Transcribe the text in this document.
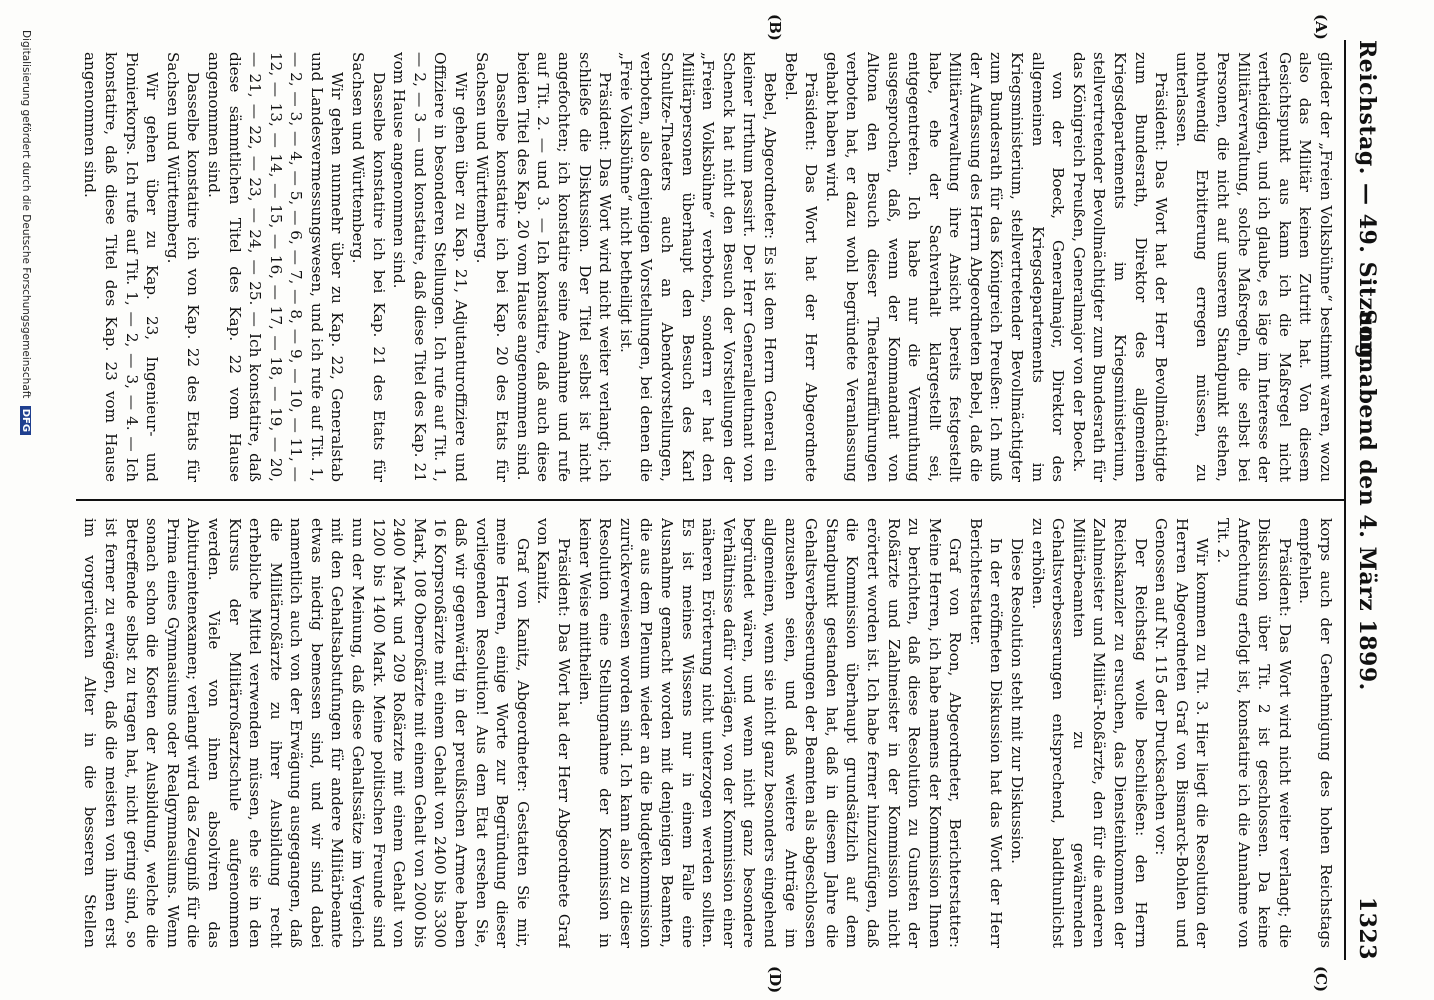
Reichstag. — 49. Sitzung.
Sonnabend den 4. März 1899.
1323
(A)
(B)
(C)
(D)

glieder der „Freien Volksbühne“ bestimmt waren, wozu also das Militär keinen Zutritt hat. Von diesem Gesichtspunkt aus kann ich die Maßregel nicht vertheidigen, und ich glaube, es läge im Interesse der Militärverwaltung, solche Maßregeln, die selbst bei Personen, die nicht auf unserem Standpunkt stehen, nothwendig Erbitterung erregen müssen, zu unterlassen.

Präsident: Das Wort hat der Herr Bevollmächtigte zum Bundesrath, Direktor des allgemeinen Kriegsdepartements im Kriegsministerium, stellvertretender Bevollmächtigter zum Bundesrath für das Königreich Preußen, Generalmajor von der Boeck.

von der Boeck, Generalmajor, Direktor des allgemeinen Kriegsdepartements im Kriegsministerium, stellvertretender Bevollmächtigter zum Bundesrath für das Königreich Preußen: Ich muß der Auffassung des Herrn Abgeordneten Bebel, daß die Militärverwaltung ihre Ansicht bereits festgestellt habe, ehe der Sachverhalt klargestellt sei, entgegentreten. Ich habe nur die Vermuthung ausgesprochen, daß, wenn der Kommandant von Altona den Besuch dieser Theateraufführungen verboten hat, er dazu wohl begründete Veranlassung gehabt haben wird.

Präsident: Das Wort hat der Herr Abgeordnete Bebel.

Bebel, Abgeordneter: Es ist dem Herrn General ein kleiner Irrthum passirt. Der Herr Generalleutnant von Schenck hat nicht den Besuch der Vorstellungen der „Freien Volksbühne“ verboten, sondern er hat den Militärpersonen überhaupt den Besuch des Karl Schultze-Theaters auch an Abendvorstellungen, verboten, also denjenigen Vorstellungen, bei denen die „Freie Volksbühne“ nicht betheiligt ist.

Präsident: Das Wort wird nicht weiter verlangt; ich schließe die Diskussion. Der Titel selbst ist nicht angefochten; ich konstatire seine Annahme und rufe auf Tit. 2. — und 3. — Ich konstatire, daß auch diese beiden Titel des Kap. 20 vom Hause angenommen sind.

Dasselbe konstatire ich bei Kap. 20 des Etats für Sachsen und Württemberg.

Wir gehen über zu Kap. 21, Adjutanturoffiziere und Offiziere in besonderen Stellungen. Ich rufe auf Tit. 1, — 2, — 3 — und konstatire, daß diese Titel des Kap. 21 vom Hause angenommen sind.

Dasselbe konstatire ich bei Kap. 21 des Etats für Sachsen und Württemberg.

Wir gehen nunmehr über zu Kap. 22, Generalstab und Landesvermessungswesen, und ich rufe auf Tit. 1, — 2, — 3, — 4, — 5, — 6, — 7, — 8, — 9, — 10, — 11, — 12, — 13, — 14, — 15, — 16, — 17, — 18, — 19, — 20, — 21, — 22, — 23, — 24, — 25. — Ich konstatire, daß diese sämmtlichen Titel des Kap. 22 vom Hause angenommen sind.

Dasselbe konstatire ich von Kap. 22 des Etats für Sachsen und Württemberg.

Wir gehen über zu Kap. 23, Ingenieur- und Pionierkorps. Ich rufe auf Tit. 1, — 2, — 3, — 4. — Ich konstatire, daß diese Titel des Kap. 23 vom Hause angenommen sind.

korps auch der Genehmigung des hohen Reichstags empfehlen.

Präsident: Das Wort wird nicht weiter verlangt; die Diskussion über Tit. 2 ist geschlossen. Da keine Anfechtung erfolgt ist, konstatire ich die Annahme von Tit. 2.

Wir kommen zu Tit. 3. Hier liegt die Resolution der Herren Abgeordneten Graf von Bismarck-Bohlen und Genossen auf Nr. 115 der Drucksachen vor:

Der Reichstag wolle beschließen: den Herrn Reichskanzler zu ersuchen, das Diensteinkommen der Zahlmeister und Militär-Roßärzte, den für die anderen Militärbeamten zu gewährenden Gehaltsverbesserungen entsprechend, baldthunlichst zu erhöhen.

Diese Resolution steht mit zur Diskussion.

In der eröffneten Diskussion hat das Wort der Herr Berichterstatter.

Graf von Roon, Abgeordneter, Berichterstatter: Meine Herren, ich habe namens der Kommission Ihnen zu berichten, daß diese Resolution zu Gunsten der Roßärzte und Zahlmeister in der Kommission nicht erörtert worden ist. Ich habe ferner hinzuzufügen, daß die Kommission überhaupt grundsätzlich auf dem Standpunkt gestanden hat, daß in diesem Jahre die Gehaltsverbesserungen der Beamten als abgeschlossen anzusehen seien, und daß weitere Anträge im allgemeinen, wenn sie nicht ganz besonders eingehend begründet wären, und wenn nicht ganz besondere Verhältnisse dafür vorlägen, von der Kommission einer näheren Erörterung nicht unterzogen werden sollten. Es ist meines Wissens nur in einem Falle eine Ausnahme gemacht worden mit denjenigen Beamten, die aus dem Plenum wieder an die Budgetkommission zurückverwiesen worden sind. Ich kann also zu dieser Resolution eine Stellungnahme der Kommission in keiner Weise mittheilen.

Präsident: Das Wort hat der Herr Abgeordnete Graf von Kanitz.

Graf von Kanitz, Abgeordneter: Gestatten Sie mir, meine Herren, einige Worte zur Begründung dieser vorliegenden Resolution! Aus dem Etat ersehen Sie, daß wir gegenwärtig in der preußischen Armee haben 16 Korpsroßärzte mit einem Gehalt von 2400 bis 3300 Mark, 108 Oberroßärzte mit einem Gehalt von 2000 bis 2400 Mark und 209 Roßärzte mit einem Gehalt von 1200 bis 1400 Mark. Meine politischen Freunde sind nun der Meinung, daß diese Gehaltssätze im Vergleich mit den Gehaltsabstufungen für andere Militärbeamte etwas niedrig bemessen sind, und wir sind dabei namentlich auch von der Erwägung ausgegangen, daß die Militärroßärzte zu ihrer Ausbildung recht erhebliche Mittel verwenden müssen, ehe sie in den Kursus der Militärroßarztschule aufgenommen werden. Viele von ihnen absolviren das Abiturientenexamen; verlangt wird das Zeugniß für die Prima eines Gymnasiums oder Realgymnasiums. Wenn sonach schon die Kosten der Ausbildung, welche die Betreffende selbst zu tragen hat, nicht gering sind, so ist ferner zu erwägen, daß die meisten von ihnen erst im vorgerückten Alter in die besseren Stellen

Digitalisierung gefördert durch die Deutsche Forschungsgemeinschaft DFG
